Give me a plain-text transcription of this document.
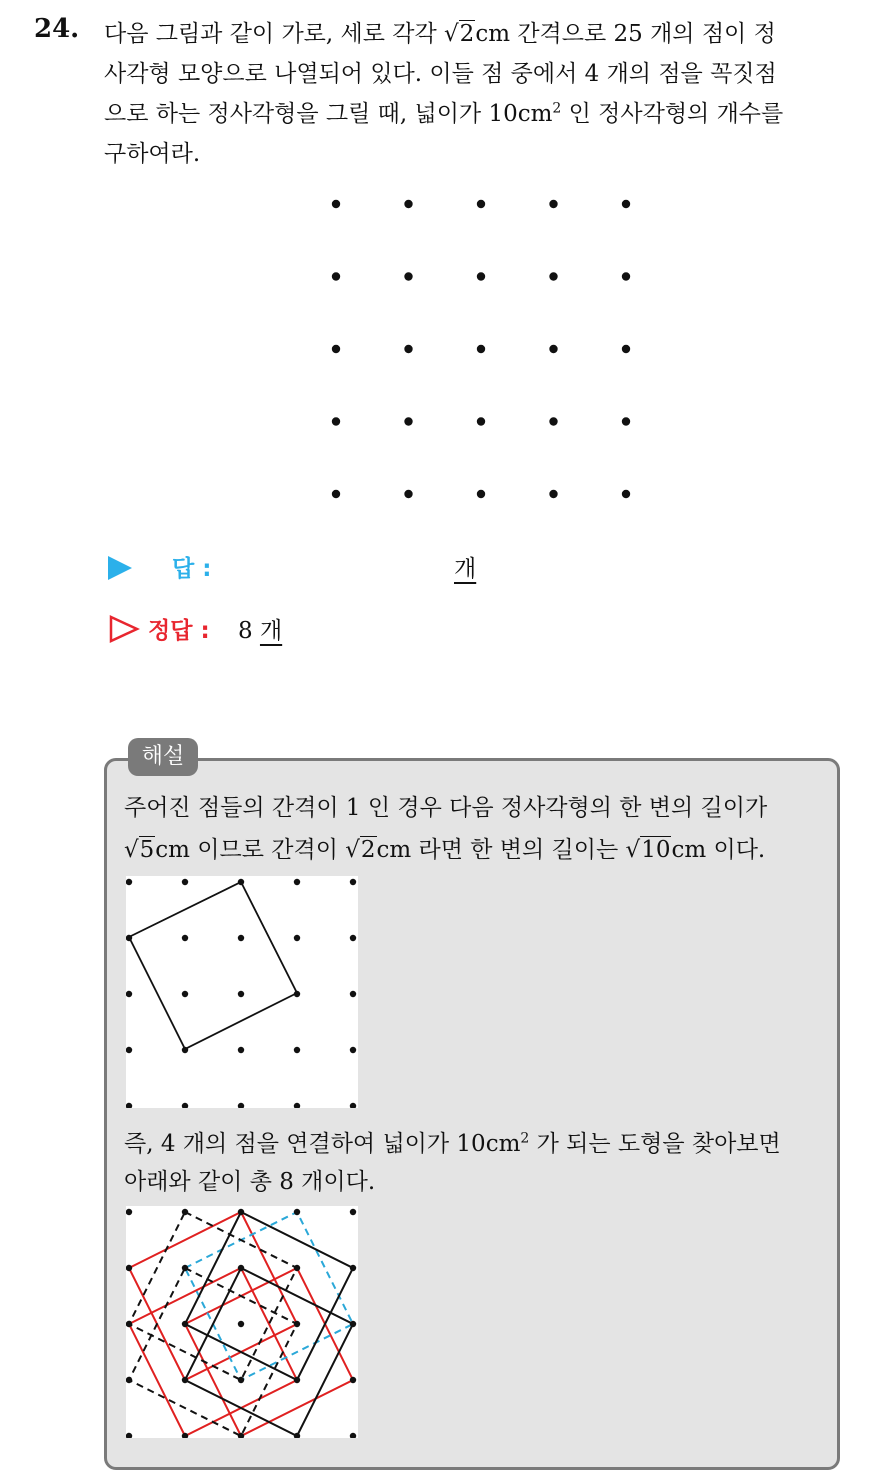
24. 다음 그림과 같이 가로, 세로 각각 √2cm 간격으로 25 개의 점이 정
사각형 모양으로 나열되어 있다. 이들 점 중에서 4 개의 점을 꼭짓점
으로 하는 정사각형을 그릴 때, 넓이가 $10cm^2$ 인 정사각형의 개수를
구하여라.
답 :	개
정답 : 8 개
해설
주어진 점들의 간격이 1 인 경우 다음 정사각형의 한 변의 길이가
√5cm 이므로 간격이 √2cm 라면 한 변의 길이는 √10cm 이다.
즉, 4 개의 점을 연결하여 넓이가 $10cm^2$ 가 되는 도형을 찾아보면
아래와 같이 총 8 개이다.
